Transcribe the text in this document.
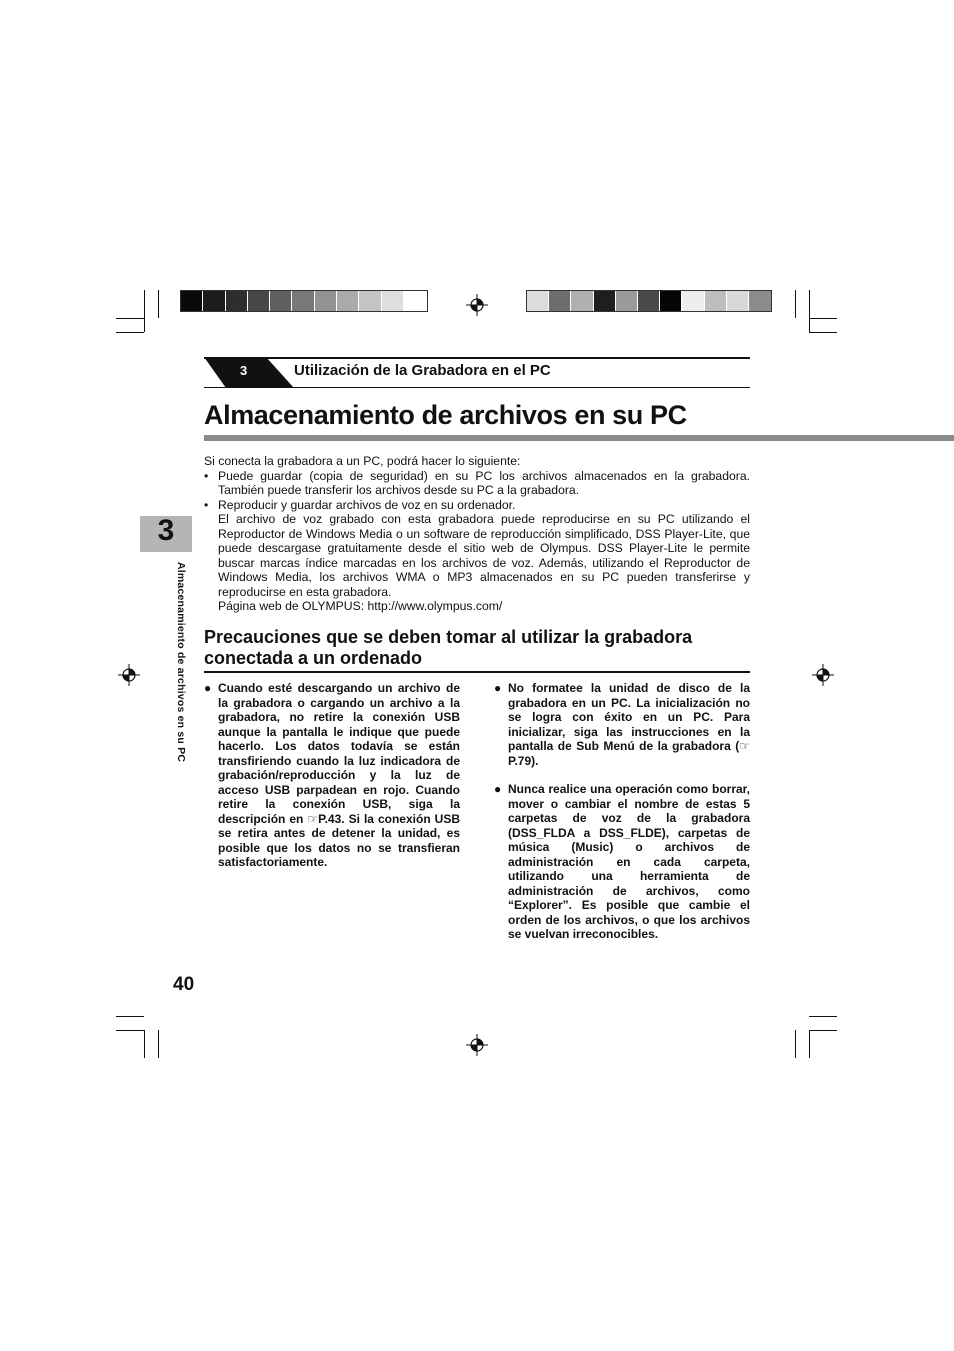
3	Utilización de la Grabadora en el PC
Almacenamiento de archivos en su PC

Si conecta la grabadora a un PC, podrá hacer lo siguiente:

• Puede guardar (copia de seguridad) en su PC los archivos almacenados en la grabadora. También puede transferir los archivos desde su PC a la grabadora.

• Reproducir y guardar archivos de voz en su ordenador.

El archivo de voz grabado con esta grabadora puede reproducirse en su PC utilizando el Reproductor de Windows Media o un software de reproducción simplificado, DSS Player-Lite, que puede descargase gratuitamente desde el sitio web de Olympus. DSS Player-Lite le permite buscar marcas índice marcadas en los archivos de voz. Además, utilizando el Reproductor de Windows Media, los archivos WMA o MP3 almacenados en su PC pueden transferirse y reproducirse en esta grabadora.

Página web de OLYMPUS: http://www.olympus.com/

Precauciones que se deben tomar al utilizar la grabadora conectada a un ordenado

● Cuando esté descargando un archivo de la grabadora o cargando un archivo a la grabadora, no retire la conexión USB aunque la pantalla le indique que puede hacerlo. Los datos todavía se están transfiriendo cuando la luz indicadora de grabación/reproducción y la luz de acceso USB parpadean en rojo. Cuando retire la conexión USB, siga la descripción en ☞P.43. Si la conexión USB se retira antes de detener la unidad, es posible que los datos no se transfieran satisfactoriamente.

● No formatee la unidad de disco de la grabadora en un PC. La inicialización no se logra con éxito en un PC. Para inicializar, siga las instrucciones en la pantalla de Sub Menú de la grabadora (☞ P.79).

● Nunca realice una operación como borrar, mover o cambiar el nombre de estas 5 carpetas de voz de la grabadora (DSS_FLDA a DSS_FLDE), carpetas de música (Music) o archivos de administración en cada carpeta, utilizando una herramienta de administración de archivos, como “Explorer”. Es posible que cambie el orden de los archivos, o que los archivos se vuelvan irreconocibles.

3
Almacenamiento de archivos en su PC
40
